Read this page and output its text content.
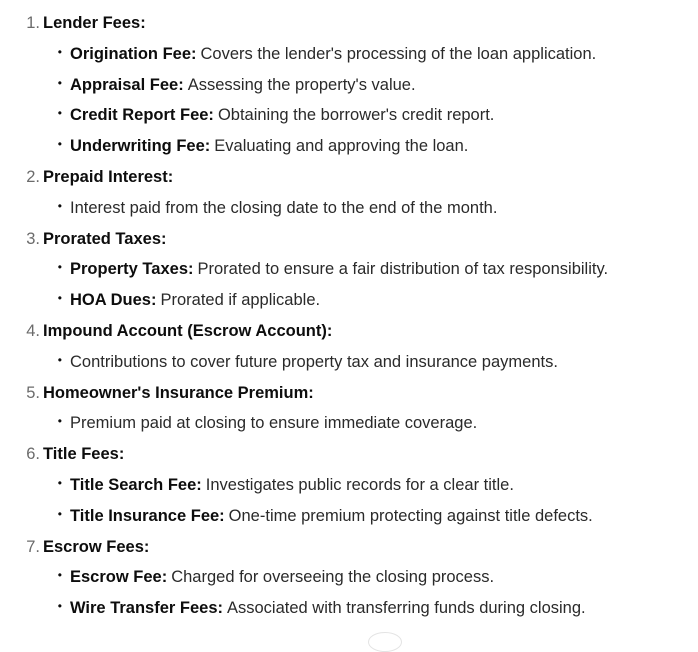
1. Lender Fees:
• Origination Fee: Covers the lender's processing of the loan application.
• Appraisal Fee: Assessing the property's value.
• Credit Report Fee: Obtaining the borrower's credit report.
• Underwriting Fee: Evaluating and approving the loan.
2. Prepaid Interest:
• Interest paid from the closing date to the end of the month.
3. Prorated Taxes:
• Property Taxes: Prorated to ensure a fair distribution of tax responsibility.
• HOA Dues: Prorated if applicable.
4. Impound Account (Escrow Account):
• Contributions to cover future property tax and insurance payments.
5. Homeowner's Insurance Premium:
• Premium paid at closing to ensure immediate coverage.
6. Title Fees:
• Title Search Fee: Investigates public records for a clear title.
• Title Insurance Fee: One-time premium protecting against title defects.
7. Escrow Fees:
• Escrow Fee: Charged for overseeing the closing process.
• Wire Transfer Fees: Associated with transferring funds during closing.
